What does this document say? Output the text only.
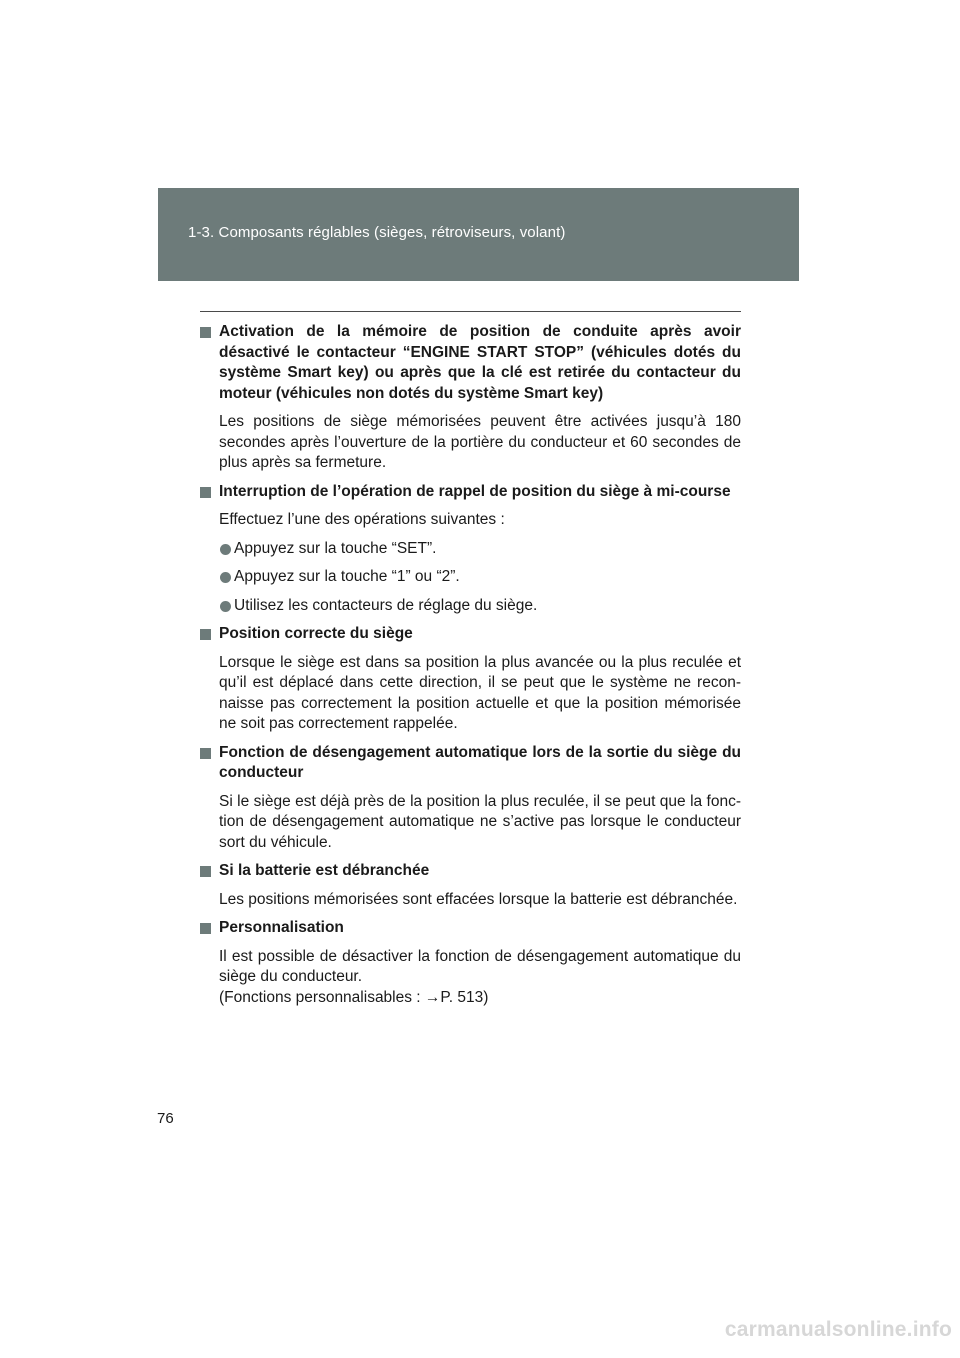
1-3. Composants réglables (sièges, rétroviseurs, volant)
Activation de la mémoire de position de conduite après avoir désactivé le contacteur “ENGINE START STOP” (véhicules dotés du système Smart key) ou après que la clé est retirée du contacteur du moteur (véhicules non dotés du système Smart key)
Les positions de siège mémorisées peuvent être activées jusqu’à 180 secondes après l’ouverture de la portière du conducteur et 60 secondes de plus après sa fermeture.
Interruption de l’opération de rappel de position du siège à mi-course
Effectuez l’une des opérations suivantes :
Appuyez sur la touche “SET”.
Appuyez sur la touche “1” ou “2”.
Utilisez les contacteurs de réglage du siège.
Position correcte du siège
Lorsque le siège est dans sa position la plus avancée ou la plus reculée et qu’il est déplacé dans cette direction, il se peut que le système ne recon-naisse pas correctement la position actuelle et que la position mémorisée ne soit pas correctement rappelée.
Fonction de désengagement automatique lors de la sortie du siège du conducteur
Si le siège est déjà près de la position la plus reculée, il se peut que la fonc-tion de désengagement automatique ne s’active pas lorsque le conducteur sort du véhicule.
Si la batterie est débranchée
Les positions mémorisées sont effacées lorsque la batterie est débranchée.
Personnalisation
Il est possible de désactiver la fonction de désengagement automatique du siège du conducteur.
(Fonctions personnalisables : →P. 513)
76
carmanualsonline.info
